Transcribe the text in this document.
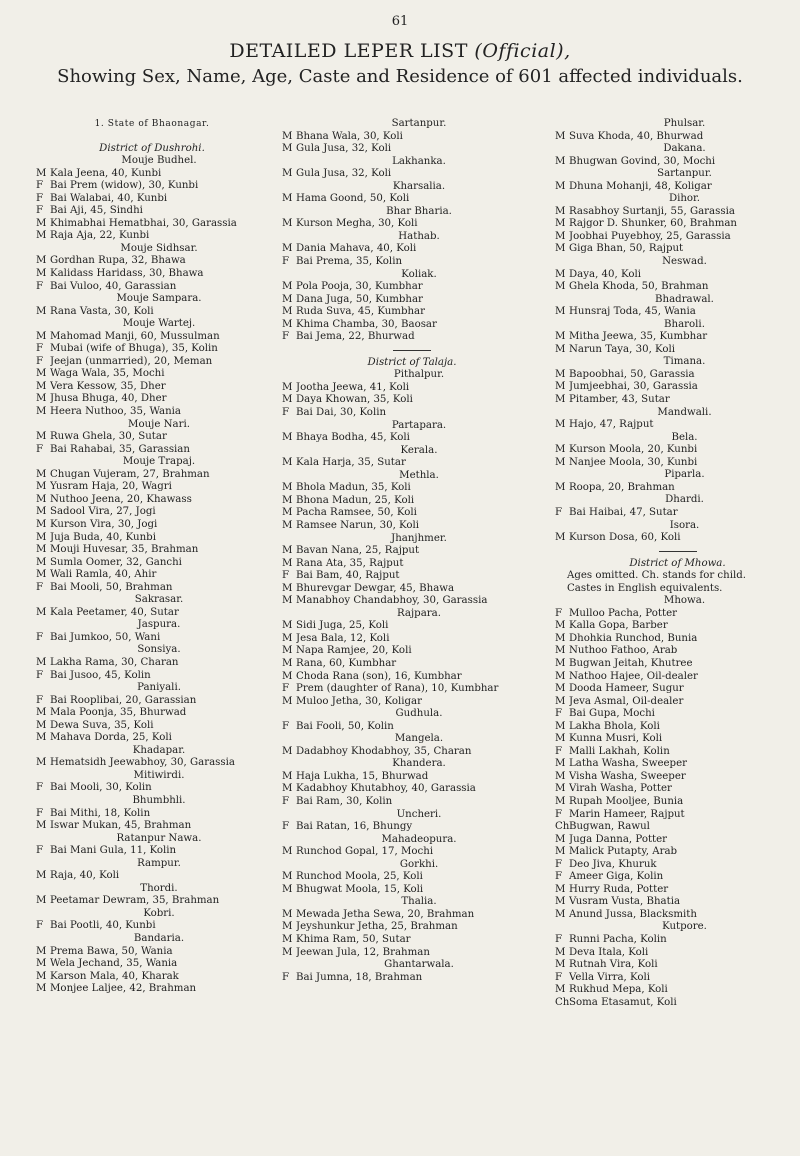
61
DETAILED LEPER LIST (Official),
Showing Sex, Name, Age, Caste and Residence of 601 affected individuals.
1. State of Bhaonagar.
District of Dushrohi.
Mouje Budhel.
M Kala Jeena, 40, Kunbi
F Bai Prem (widow), 30, Kunbi
F Bai Walabai, 40, Kunbi
F Bai Aji, 45, Sindhi
M Khimabhai Hematbhai, 30, Garassia
M Raja Aja, 22, Kunbi
Mouje Sidhsar.
M Gordhan Rupa, 32, Bhawa
M Kalidass Haridass, 30, Bhawa
F Bai Vuloo, 40, Garassian
Mouje Sampara.
M Rana Vasta, 30, Koli
Mouje Wartej.
M Mahomad Manji, 60, Mussulman
F Mubai (wife of Bhuga), 35, Kolin
F Jeejan (unmarried), 20, Meman
M Waga Wala, 35, Mochi
M Vera Kessow, 35, Dher
M Jhusa Bhuga, 40, Dher
M Heera Nuthoo, 35, Wania
Mouje Nari.
M Ruwa Ghela, 30, Sutar
F Bai Rahabai, 35, Garassian
Mouje Trapaj.
M Chugan Vujeram, 27, Brahman
M Yusram Haja, 20, Wagri
M Nuthoo Jeena, 20, Khawass
M Sadool Vira, 27, Jogi
M Kurson Vira, 30, Jogi
M Juja Buda, 40, Kunbi
M Mouji Huvesar, 35, Brahman
M Sumla Oomer, 32, Ganchi
M Wali Ramla, 40, Ahir
F Bai Mooli, 50, Brahman
Sakrasar.
M Kala Peetamer, 40, Sutar
Jaspura.
F Bai Jumkoo, 50, Wani
Sonsiya.
M Lakha Rama, 30, Charan
F Bai Jusoo, 45, Kolin
Paniyali.
F Bai Rooplibai, 20, Garassian
M Mala Poonja, 35, Bhurwad
M Dewa Suva, 35, Koli
M Mahava Dorda, 25, Koli
Khadapar.
M Hematsidh Jeewabhoy, 30, Garassia
Mitiwirdi.
F Bai Mooli, 30, Kolin
Bhumbhli.
F Bai Mithi, 18, Kolin
M Iswar Mukan, 45, Brahman
Ratanpur Nawa.
F Bai Mani Gula, 11, Kolin
Rampur.
M Raja, 40, Koli
Thordi.
M Peetamar Dewram, 35, Brahman
Kobri.
F Bai Pootli, 40, Kunbi
Bandaria.
M Prema Bawa, 50, Wania
M Wela Jechand, 35, Wania
M Karson Mala, 40, Kharak
M Monjee Laljee, 42, Brahman
Sartanpur.
M Bhana Wala, 30, Koli
M Gula Jusa, 32, Koli
Lakhanka.
M Gula Jusa, 32, Koli
Kharsalia.
M Hama Goond, 50, Koli
Bhar Bharia.
M Kurson Megha, 30, Koli
Hathab.
M Dania Mahava, 40, Koli
F Bai Prema, 35, Kolin
Koliak.
M Pola Pooja, 30, Kumbhar
M Dana Juga, 50, Kumbhar
M Ruda Suva, 45, Kumbhar
M Khima Chamba, 30, Baosar
F Bai Jema, 22, Bhurwad
District of Talaja.
Pithalpur.
M Jootha Jeewa, 41, Koli
M Daya Khowan, 35, Koli
F Bai Dai, 30, Kolin
Partapara.
M Bhaya Bodha, 45, Koli
Kerala.
M Kala Harja, 35, Sutar
Methla.
M Bhola Madun, 35, Koli
M Bhona Madun, 25, Koli
M Pacha Ramsee, 50, Koli
M Ramsee Narun, 30, Koli
Jhanjhmer.
M Bavan Nana, 25, Rajput
M Rana Ata, 35, Rajput
F Bai Bam, 40, Rajput
M Bhurevgar Dewgar, 45, Bhawa
M Manabhoy Chandabhoy, 30, Garassia
Rajpara.
M Sidi Juga, 25, Koli
M Jesa Bala, 12, Koli
M Napa Ramjee, 20, Koli
M Rana, 60, Kumbhar
M Choda Rana (son), 16, Kumbhar
F Prem (daughter of Rana), 10, Kumbhar
M Muloo Jetha, 30, Koligar
Gudhula.
F Bai Fooli, 50, Kolin
Mangela.
M Dadabhoy Khodabhoy, 35, Charan
Khandera.
M Haja Lukha, 15, Bhurwad
M Kadabhoy Khutabhoy, 40, Garassia
F Bai Ram, 30, Kolin
Uncheri.
F Bai Ratan, 16, Bhungy
Mahadeopura.
M Runchod Gopal, 17, Mochi
Gorkhi.
M Runchod Moola, 25, Koli
M Bhugwat Moola, 15, Koli
Thalia.
M Mewada Jetha Sewa, 20, Brahman
M Jeyshunkur Jetha, 25, Brahman
M Khima Ram, 50, Sutar
M Jeewan Jula, 12, Brahman
Ghantarwala.
F Bai Jumna, 18, Brahman
Phulsar.
M Suva Khoda, 40, Bhurwad
Dakana.
M Bhugwan Govind, 30, Mochi
Sartanpur.
M Dhuna Mohanji, 48, Koligar
Dihor.
M Rasabhoy Surtanji, 55, Garassia
M Rajgor D. Shunker, 60, Brahman
M Joobhai Puyebhoy, 25, Garassia
M Giga Bhan, 50, Rajput
Neswad.
M Daya, 40, Koli
M Ghela Khoda, 50, Brahman
Bhadrawal.
M Hunsraj Toda, 45, Wania
Bharoli.
M Mitha Jeewa, 35, Kumbhar
M Narun Taya, 30, Koli
Timana.
M Bapoobhai, 50, Garassia
M Jumjeebhai, 30, Garassia
M Pitamber, 43, Sutar
Mandwali.
M Hajo, 47, Rajput
Bela.
M Kurson Moola, 20, Kunbi
M Nanjee Moola, 30, Kunbi
Piparla.
M Roopa, 20, Brahman
Dhardi.
F Bai Haibai, 47, Sutar
Isora.
M Kurson Dosa, 60, Koli
District of Mhowa.
Ages omitted. Ch. stands for child.
Castes in English equivalents.
Mhowa.
F Mulloo Pacha, Potter
M Kalla Gopa, Barber
M Dhohkia Runchod, Bunia
M Nuthoo Fathoo, Arab
M Bugwan Jeitah, Khutree
M Nathoo Hajee, Oil-dealer
M Dooda Hameer, Sugur
M Jeva Asmal, Oil-dealer
F Bai Gupa, Mochi
M Lakha Bhola, Koli
M Kunna Musri, Koli
F Malli Lakhah, Kolin
M Latha Washa, Sweeper
M Visha Washa, Sweeper
M Virah Washa, Potter
M Rupah Mooljee, Bunia
F Marin Hameer, Rajput
Ch Bugwan, Rawul
M Juga Danna, Potter
M Malick Putapty, Arab
F Deo Jiva, Khuruk
F Ameer Giga, Kolin
M Hurry Ruda, Potter
M Vusram Vusta, Bhatia
M Anund Jussa, Blacksmith
Kutpore.
F Runni Pacha, Kolin
M Deva Itala, Koli
M Rutnah Vira, Koli
F Vella Virra, Koli
M Rukhud Mepa, Koli
Ch Soma Etasamut, Koli
